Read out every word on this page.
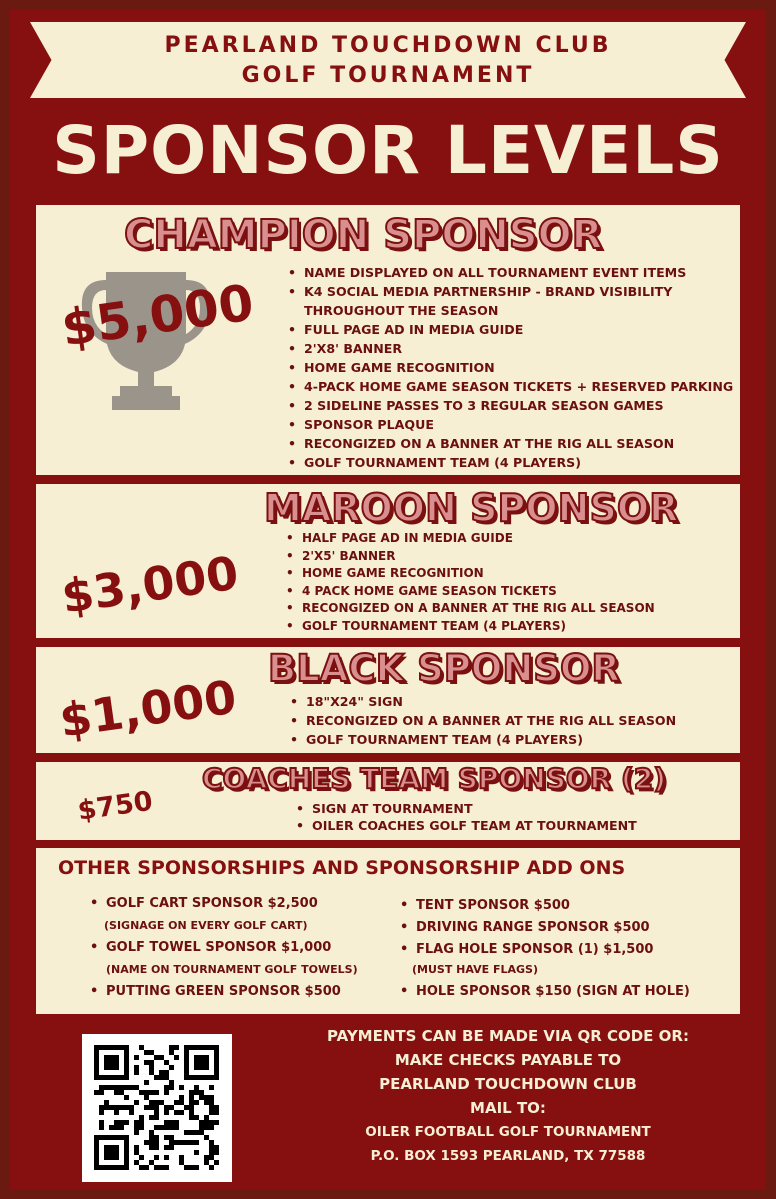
PEARLAND TOUCHDOWN CLUB
GOLF TOURNAMENT
SPONSOR LEVELS
CHAMPION SPONSOR
$5,000
• NAME DISPLAYED ON ALL TOURNAMENT EVENT ITEMS
• K4 SOCIAL MEDIA PARTNERSHIP - BRAND VISIBILITY
THROUGHOUT THE SEASON
• FULL PAGE AD IN MEDIA GUIDE
• 2'X8' BANNER
• HOME GAME RECOGNITION
• 4-PACK HOME GAME SEASON TICKETS + RESERVED PARKING
• 2 SIDELINE PASSES TO 3 REGULAR SEASON GAMES
• SPONSOR PLAQUE
• RECONGIZED ON A BANNER AT THE RIG ALL SEASON
• GOLF TOURNAMENT TEAM (4 PLAYERS)
MAROON SPONSOR
$3,000
• HALF PAGE AD IN MEDIA GUIDE
• 2'X5' BANNER
• HOME GAME RECOGNITION
• 4 PACK HOME GAME SEASON TICKETS
• RECONGIZED ON A BANNER AT THE RIG ALL SEASON
• GOLF TOURNAMENT TEAM (4 PLAYERS)
BLACK SPONSOR
$1,000	• 18"X24" SIGN
• RECONGIZED ON A BANNER AT THE RIG ALL SEASON
• GOLF TOURNAMENT TEAM (4 PLAYERS)
COACHES TEAM SPONSOR (2)
$750	• SIGN AT TOURNAMENT
• OILER COACHES GOLF TEAM AT TOURNAMENT
OTHER SPONSORSHIPS AND SPONSORSHIP ADD ONS
• GOLF CART SPONSOR $2,500
(SIGNAGE ON EVERY GOLF CART)
• GOLF TOWEL SPONSOR $1,000
(NAME ON TOURNAMENT GOLF TOWELS)
• PUTTING GREEN SPONSOR $500
• TENT SPONSOR $500
• DRIVING RANGE SPONSOR $500
• FLAG HOLE SPONSOR (1) $1,500
(MUST HAVE FLAGS)
• HOLE SPONSOR $150 (SIGN AT HOLE)
PAYMENTS CAN BE MADE VIA QR CODE OR:
MAKE CHECKS PAYABLE TO
PEARLAND TOUCHDOWN CLUB
MAIL TO:
OILER FOOTBALL GOLF TOURNAMENT
P.O. BOX 1593 PEARLAND, TX 77588
